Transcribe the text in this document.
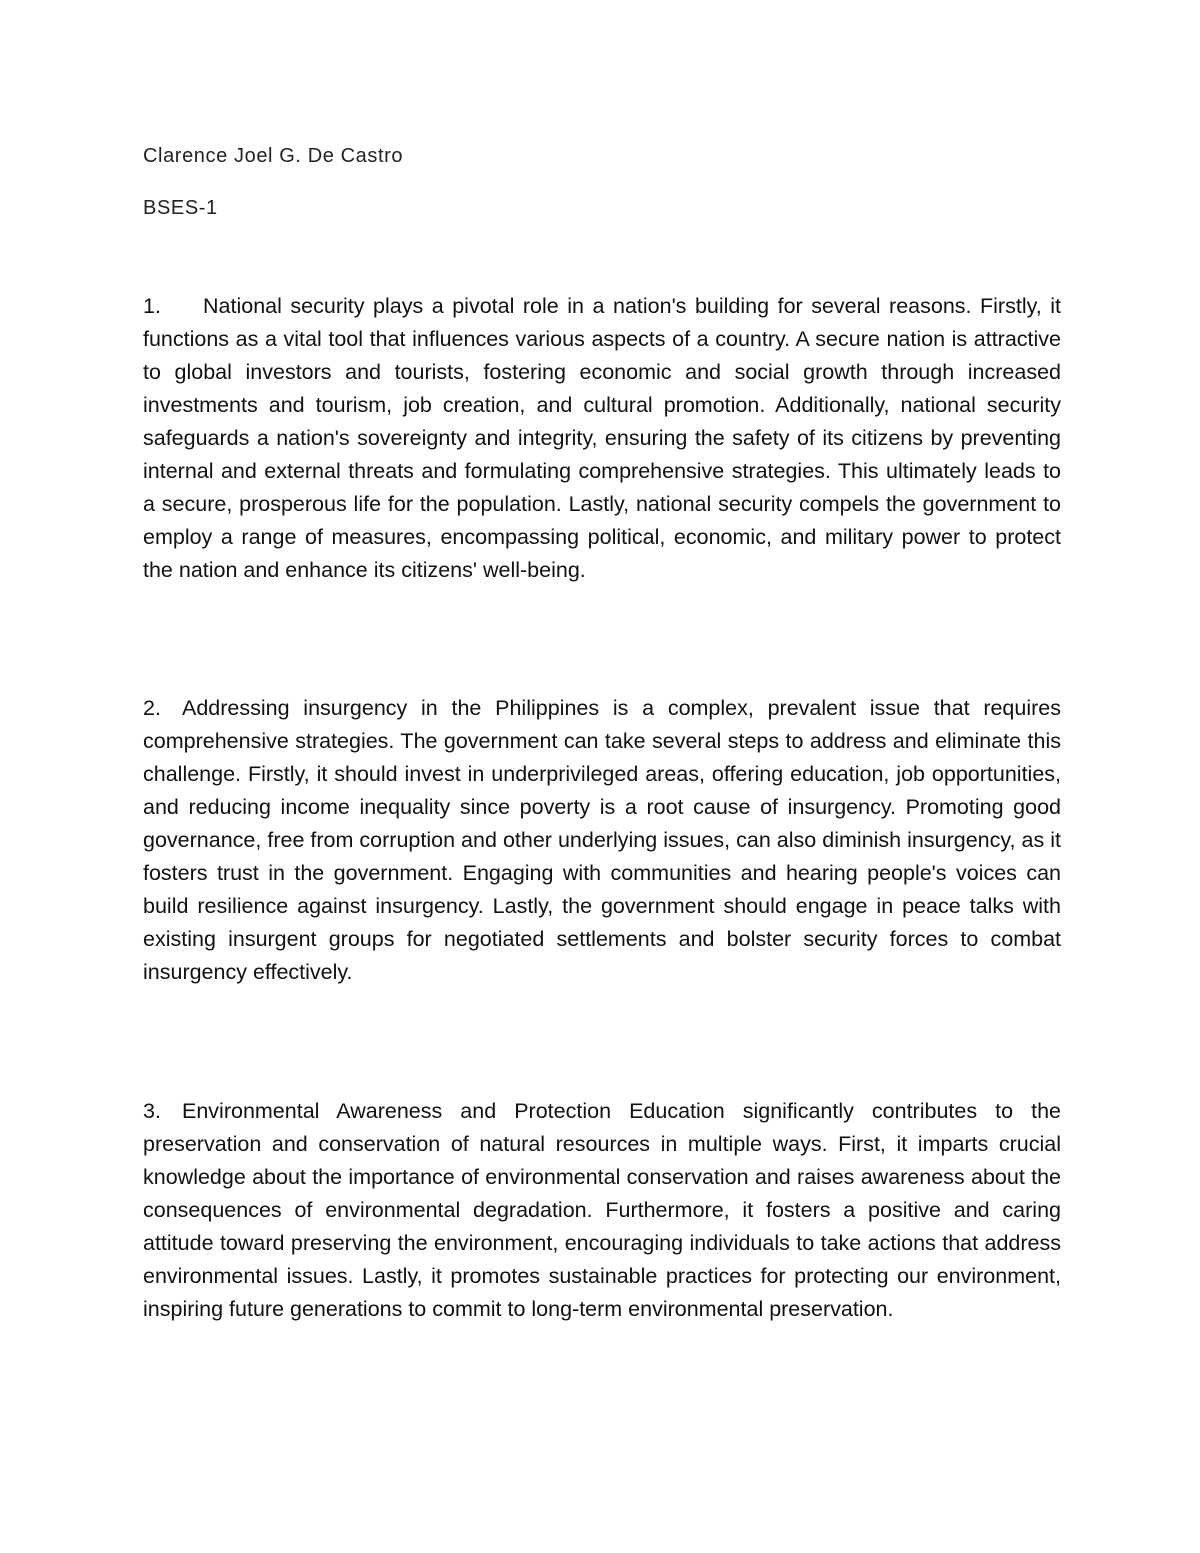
Clarence Joel G. De Castro
BSES-1
1. National security plays a pivotal role in a nation's building for several reasons. Firstly, it functions as a vital tool that influences various aspects of a country. A secure nation is attractive to global investors and tourists, fostering economic and social growth through increased investments and tourism, job creation, and cultural promotion. Additionally, national security safeguards a nation's sovereignty and integrity, ensuring the safety of its citizens by preventing internal and external threats and formulating comprehensive strategies. This ultimately leads to a secure, prosperous life for the population. Lastly, national security compels the government to employ a range of measures, encompassing political, economic, and military power to protect the nation and enhance its citizens' well-being.
2. Addressing insurgency in the Philippines is a complex, prevalent issue that requires comprehensive strategies. The government can take several steps to address and eliminate this challenge. Firstly, it should invest in underprivileged areas, offering education, job opportunities, and reducing income inequality since poverty is a root cause of insurgency. Promoting good governance, free from corruption and other underlying issues, can also diminish insurgency, as it fosters trust in the government. Engaging with communities and hearing people's voices can build resilience against insurgency. Lastly, the government should engage in peace talks with existing insurgent groups for negotiated settlements and bolster security forces to combat insurgency effectively.
3. Environmental Awareness and Protection Education significantly contributes to the preservation and conservation of natural resources in multiple ways. First, it imparts crucial knowledge about the importance of environmental conservation and raises awareness about the consequences of environmental degradation. Furthermore, it fosters a positive and caring attitude toward preserving the environment, encouraging individuals to take actions that address environmental issues. Lastly, it promotes sustainable practices for protecting our environment, inspiring future generations to commit to long-term environmental preservation.
